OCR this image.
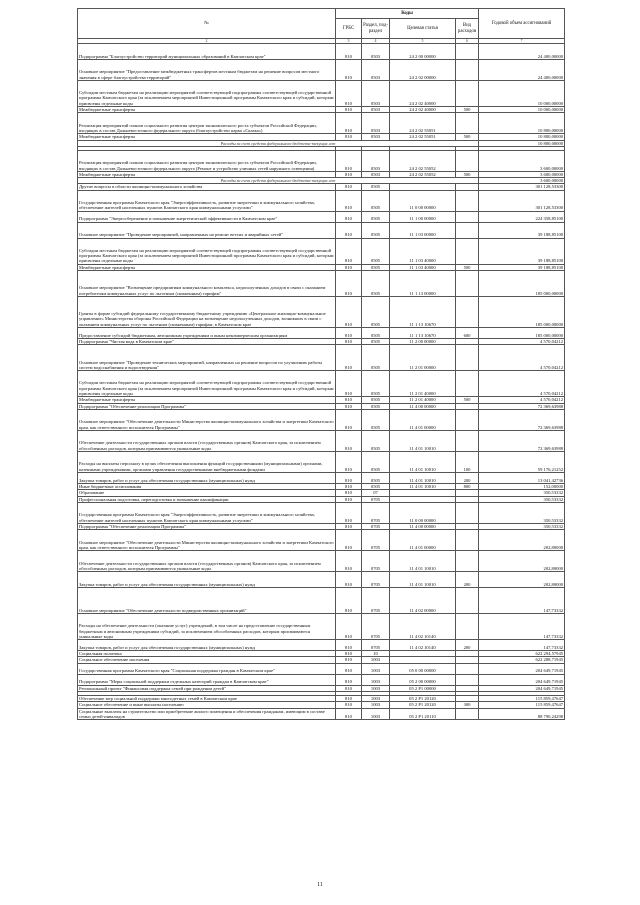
№	Коды				Годовой объем ассигнований
	ГРБС	Раздел, под-раздел	Целевая статья	Вид расходов	
2	3	4	5	6	7
Подпрограмма "Благоустройство территорий муниципальных образований в Камчатском крае"	810	0503	24 2 00 00000		24 400,00000
Основное мероприятие "Предоставление межбюджетных трансфертов местным бюджетам на решение вопросов местного значения в сфере благоустройства территорий"	810	0503	24 2 02 00000		24 400,00000
Субсидии местным бюджетам на реализацию мероприятий соответствующей подпрограммы соответствующей государственной программы Камчатского края (за исключением мероприятий Инвестиционной программы Камчатского края и субсидий, которым присвоены отдельные коды	810	0503	24 2 02 40000		10 000,00000
Межбюджетные трансферты	810	0503	24 2 02 40000	500	10 000,00000
Реализация мероприятий планов социального развития центров экономического роста субъектов Российской Федерации, входящих в состав Дальневосточного федерального округа (благоустройство парка «Сказка»)	810	0503	24 2 02 55051		10 800,00000
Межбюджетные трансферты	810	0503	24 2 02 55051	500	10 800,00000
Расходы за счет средств федерального бюджета-текущих лет					10 800,00000

Реализация мероприятий планов социального развития центров экономического роста субъектов Российской Федерации, входящих в состав Дальневосточного федерального округа (Ремонт и устройство уличных сетей наружного освещения)	810	0503	24 2 02 55052		3 600,00000
Межбюджетные трансферты	810	0503	24 2 02 55052	500	3 600,00000
Расходы за счет средств федерального бюджета-текущих лет					3 600,00000
Другие вопросы в области жилищно-коммунального хозяйства	810	0505			301 128,53300
Государственная программа Камчатского края "Энергоэффективность, развитие энергетики и коммунального хозяйства, обеспечение жителей населенных пунктов Камчатского края коммунальными услугами"	810	0505	11 0 00 00000		301 128,53300
Подпрограмма "Энергосбережение и повышение энергетической эффективности в Камчатском крае"	810	0505	11 1 00 00000		224 358,85100
Основное мероприятие "Проведение мероприятий, направленных на ремонт ветхих и аварийных сетей"	810	0505	11 1 03 00000		39 188,85100
Субсидии местным бюджетам на реализацию мероприятий соответствующей подпрограммы соответствующей государственной программы Камчатского края (за исключением мероприятий Инвестиционной программы Камчатского края и субсидий, которым присвоены отдельные коды	810	0505	11 1 03 40000		39 188,85100
Межбюджетные трансферты	810	0505	11 1 03 40000	500	39 188,85100
Основное мероприятие "Возмещение предприятиям коммунального комплекса, недополученных доходов в связи с оказанием потребителям коммунальных услуг по льготным (сниженным) тарифам"	810	0505	11 1 13 00000		185 000,00000
Гранты в форме субсидий федеральному государственному бюджетному учреждению «Центральное жилищно-коммунальное управление» Министерства обороны Российской Федерации на возмещение недополученных доходов, возникших в связи с оказанием коммунальных услуг по льготным (сниженным) тарифам, в Камчатском крае	810	0505	11 1 13 10670		185 000,00000
Предоставление субсидий бюджетным, автономным учреждениям и иным некоммерческим организациям	810	0505	11 1 13 10670	600	185 000,00000
Подпрограмма "Чистая вода в Камчатском крае"	810	0505	11 2 00 00000		4 570,04212
Основное мероприятие "Проведение технических мероприятий, направленных на решение вопросов по улучшению работы систем водоснабжения и водоотведения"	810	0505	11 2 01 00000		4 570,04212
Субсидии местным бюджетам на реализацию мероприятий соответствующей подпрограммы соответствующей государственной программы Камчатского края (за исключением мероприятий Инвестиционной программы Камчатского края и субсидий, которым присвоены отдельные коды	810	0505	11 2 01 40000		4 570,04212
Межбюджетные трансферты	810	0505	11 2 01 40000	500	4 570,04212
Подпрограмма "Обеспечение реализации Программы"	810	0505	11 4 00 00000		72 369,63988
Основное мероприятие "Обеспечение деятельности Министерства жилищно-коммунального хозяйства и энергетики Камчатского края, как ответственного исполнителя Программы"	810	0505	11 4 01 00000		72 369,63988
Обеспечение деятельности государственных органов власти (государственных органов) Камчатского края, за исключением обособленных расходов, которым присваиваются уникальные коды	810	0505	11 4 01 10010		72 369,63988
Расходы на выплаты персоналу в целях обеспечения выполнения функций государственными (муниципальными) органами, казенными учреждениями, органами управления государственными внебюджетными фондами	810	0505	11 4 01 10010	100	59 176,21252
Закупка товаров, работ и услуг для обеспечения государственных (муниципальных) нужд	810	0505	11 4 01 10010	200	13 041,42736
Иные бюджетные ассигнования	810	0505	11 4 01 10010	800	152,00000
Образование	810	07			350,53332
Профессиональная подготовка, переподготовка и повышение квалификации	810	0705			350,53332
Государственная программа Камчатского края "Энергоэффективность, развитие энергетики и коммунального хозяйства, обеспечение жителей населенных пунктов Камчатского края коммунальными услугами"	810	0705	11 0 00 00000		350,53332
Подпрограмма "Обеспечение реализации Программы"	810	0705	11 4 00 00000		350,53332
Основное мероприятие "Обеспечение деятельности Министерства жилищно-коммунального хозяйства и энергетики Камчатского края, как ответственного исполнителя Программы"	810	0705	11 4 01 00000		202,80000
Обеспечение деятельности государственных органов власти (государственных органов) Камчатского края, за исключением обособленных расходов, которым присваиваются уникальные коды	810	0705	11 4 01 10010		202,80000
Закупка товаров, работ и услуг для обеспечения государственных (муниципальных) нужд	810	0705	11 4 01 10010	200	202,80000
Основное мероприятие "Обеспечение деятельности подведомственных организаций"	810	0705	11 4 02 00000		147,73332
Расходы на обеспечение деятельности (оказание услуг) учреждений, в том числе на предоставление государственным бюджетным и автономным учреждениям субсидий, за исключением обособленных расходов, которым присваиваются уникальные коды	810	0705	11 4 02 10140		147,73332
Закупка товаров, работ и услуг для обеспечения государственных (муниципальных) нужд	810	0705	11 4 02 10140	200	147,73332
Социальная политика	810	10			622 294,57945
Социальное обеспечение населения	810	1003			622 288,71945
Государственная программа Камчатского края "Социальная поддержка граждан в Камчатском крае"	810	1003	05 0 00 00000		204 649,71945
Подпрограмма "Меры социальной поддержки отдельных категорий граждан в Камчатском крае"	810	1003	05 2 00 00000		204 649,71945
Региональный проект "Финансовая поддержка семей при рождении детей"	810	1003	05 2 P1 00000		204 649,71945

Обеспечение мер социальной поддержки многодетных семей в Камчатском крае	810	1003	05 2 P1 20120		115 859,47647
Социальное обеспечение и иные выплаты населению	810	1003	05 2 P1 20120	300	115 859,47647
Социальные выплаты на строительство или приобретение жилого помещения и обеспечения гражданам, имеющим в составе семьи детей-инвалидов	810	1003	05 2 P1 20110		88 790,24298
11
